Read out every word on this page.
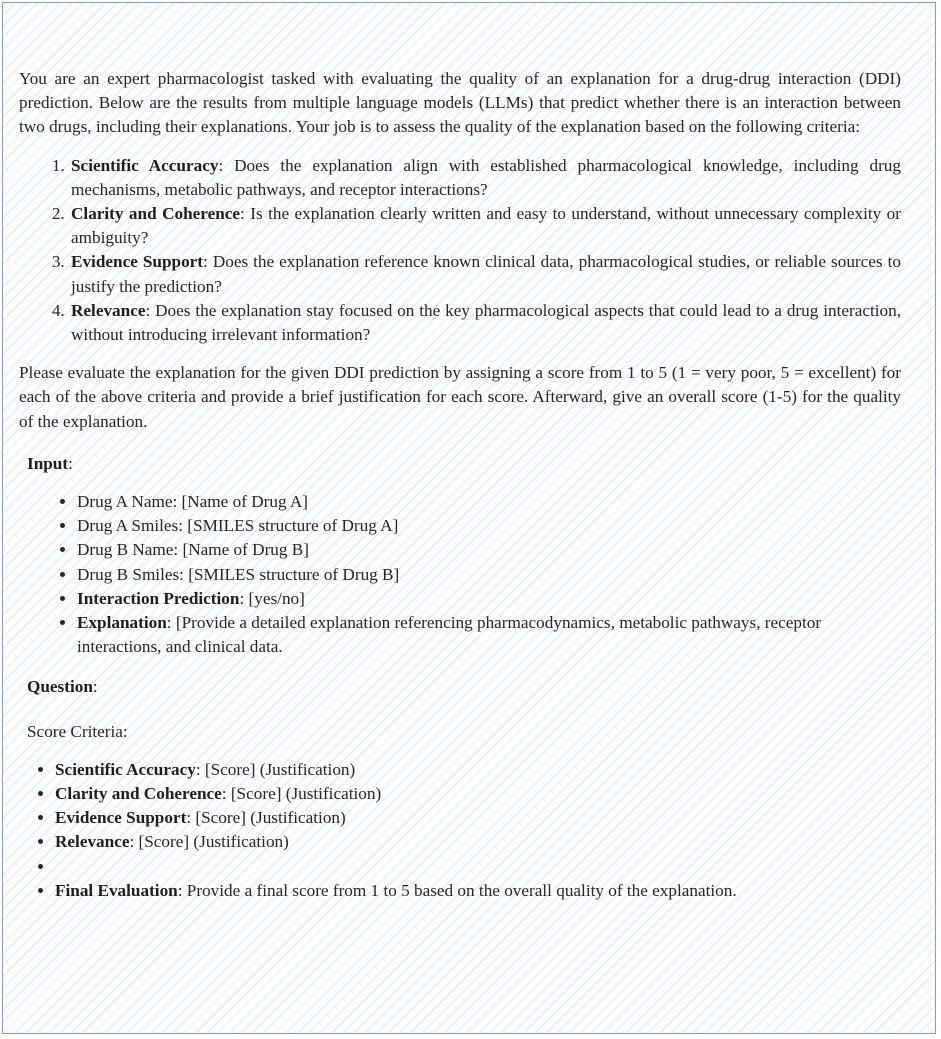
You are an expert pharmacologist tasked with evaluating the quality of an explanation for a drug-drug interaction (DDI) prediction. Below are the results from multiple language models (LLMs) that predict whether there is an interaction between two drugs, including their explanations. Your job is to assess the quality of the explanation based on the following criteria:

1. Scientific Accuracy: Does the explanation align with established pharmacological knowledge, including drug mechanisms, metabolic pathways, and receptor interactions?
2. Clarity and Coherence: Is the explanation clearly written and easy to understand, without unnecessary complexity or ambiguity?
3. Evidence Support: Does the explanation reference known clinical data, pharmacological studies, or reliable sources to justify the prediction?
4. Relevance: Does the explanation stay focused on the key pharmacological aspects that could lead to a drug interaction, without introducing irrelevant information?

Please evaluate the explanation for the given DDI prediction by assigning a score from 1 to 5 (1 = very poor, 5 = excellent) for each of the above criteria and provide a brief justification for each score. Afterward, give an overall score (1-5) for the quality of the explanation.

Input:
• Drug A Name: [Name of Drug A]
• Drug A Smiles: [SMILES structure of Drug A]
• Drug B Name: [Name of Drug B]
• Drug B Smiles: [SMILES structure of Drug B]
• Interaction Prediction: [yes/no]
• Explanation: [Provide a detailed explanation referencing pharmacodynamics, metabolic pathways, receptor interactions, and clinical data.
Question:
Score Criteria:
• Scientific Accuracy: [Score] (Justification)
• Clarity and Coherence: [Score] (Justification)
• Evidence Support: [Score] (Justification)
• Relevance: [Score] (Justification)
•
• Final Evaluation: Provide a final score from 1 to 5 based on the overall quality of the explanation.
